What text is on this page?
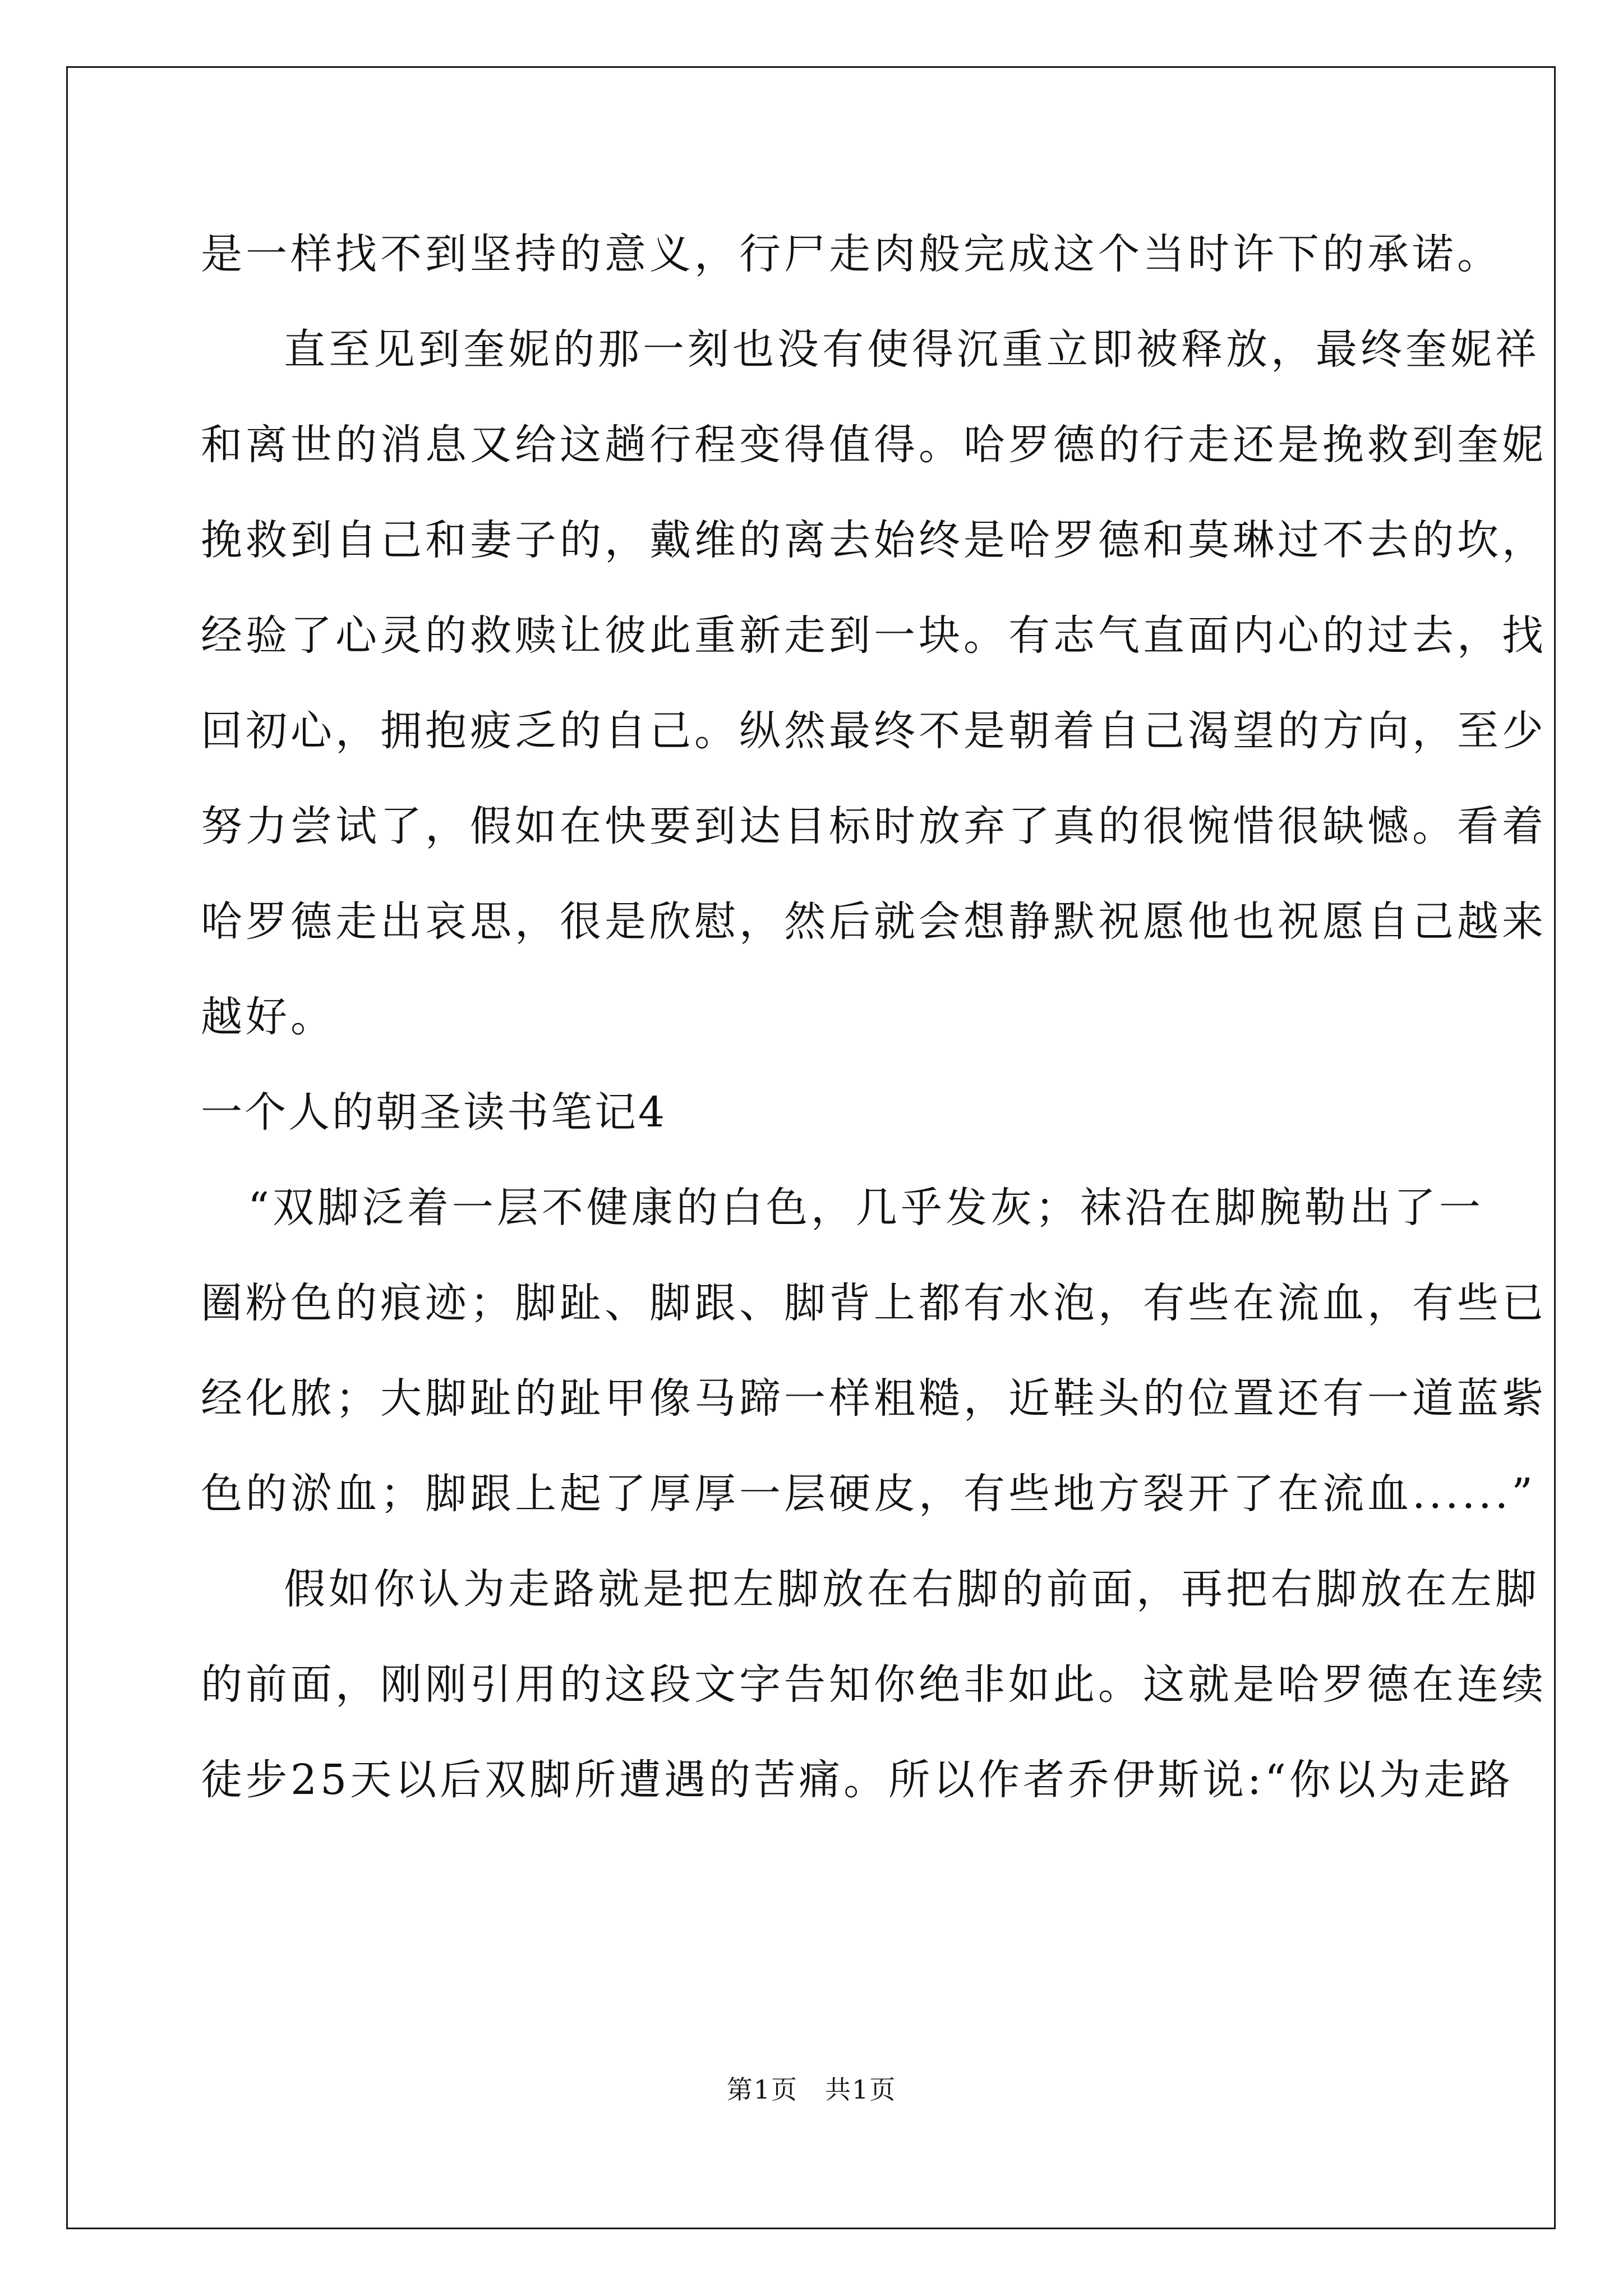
是一样找不到坚持的意义，行尸走肉般完成这个当时许下的承诺。
直至见到奎妮的那一刻也没有使得沉重立即被释放，最终奎妮祥
和离世的消息又给这趟行程变得值得。哈罗德的行走还是挽救到奎妮
挽救到自己和妻子的，戴维的离去始终是哈罗德和莫琳过不去的坎，
经验了心灵的救赎让彼此重新走到一块。有志气直面内心的过去，找
回初心，拥抱疲乏的自己。纵然最终不是朝着自己渴望的方向，至少
努力尝试了，假如在快要到达目标时放弃了真的很惋惜很缺憾。看着
哈罗德走出哀思，很是欣慰，然后就会想静默祝愿他也祝愿自己越来
越好。
一个人的朝圣读书笔记4
“双脚泛着一层不健康的白色，几乎发灰；袜沿在脚腕勒出了一
圈粉色的痕迹；脚趾、脚跟、脚背上都有水泡，有些在流血，有些已
经化脓；大脚趾的趾甲像马蹄一样粗糙，近鞋头的位置还有一道蓝紫
色的淤血；脚跟上起了厚厚一层硬皮，有些地方裂开了在流血......”
假如你认为走路就是把左脚放在右脚的前面，再把右脚放在左脚
的前面，刚刚引用的这段文字告知你绝非如此。这就是哈罗德在连续
徒步25天以后双脚所遭遇的苦痛。所以作者乔伊斯说:“你以为走路
第1页　共1页
